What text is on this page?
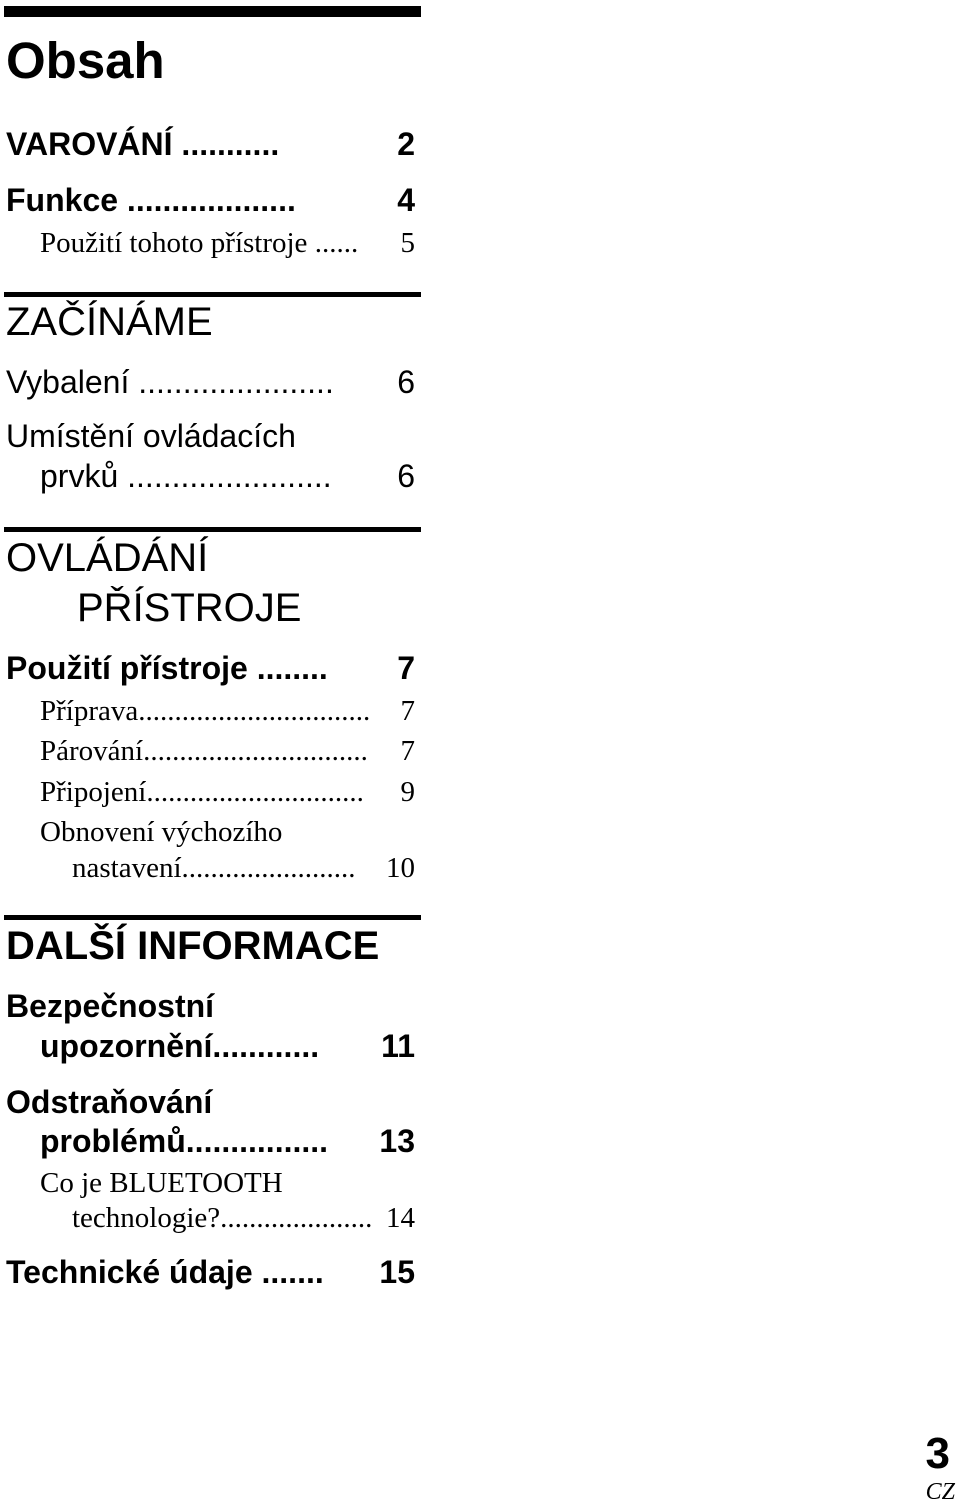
Obsah
VAROVÁNÍ ...........	2
Funkce ...................	4
Použití tohoto přístroje ...... 5
ZAČÍNÁME
Vybalení ...................... 6
Umístění ovládacích
prvků ....................... 6
OVLÁDÁNÍ
PŘÍSTROJE
Použití přístroje ........ 7
Příprava................................ 7
Párování............................... 7
Připojení.............................. 9
Obnovení výchozího
nastavení........................ 10
DALŠÍ INFORMACE
Bezpečnostní
upozornění............ 11
Odstraňování
problémů................ 13
Co je BLUETOOTH
technologie?..................... 14
Technické údaje ....... 15
3
CZ
